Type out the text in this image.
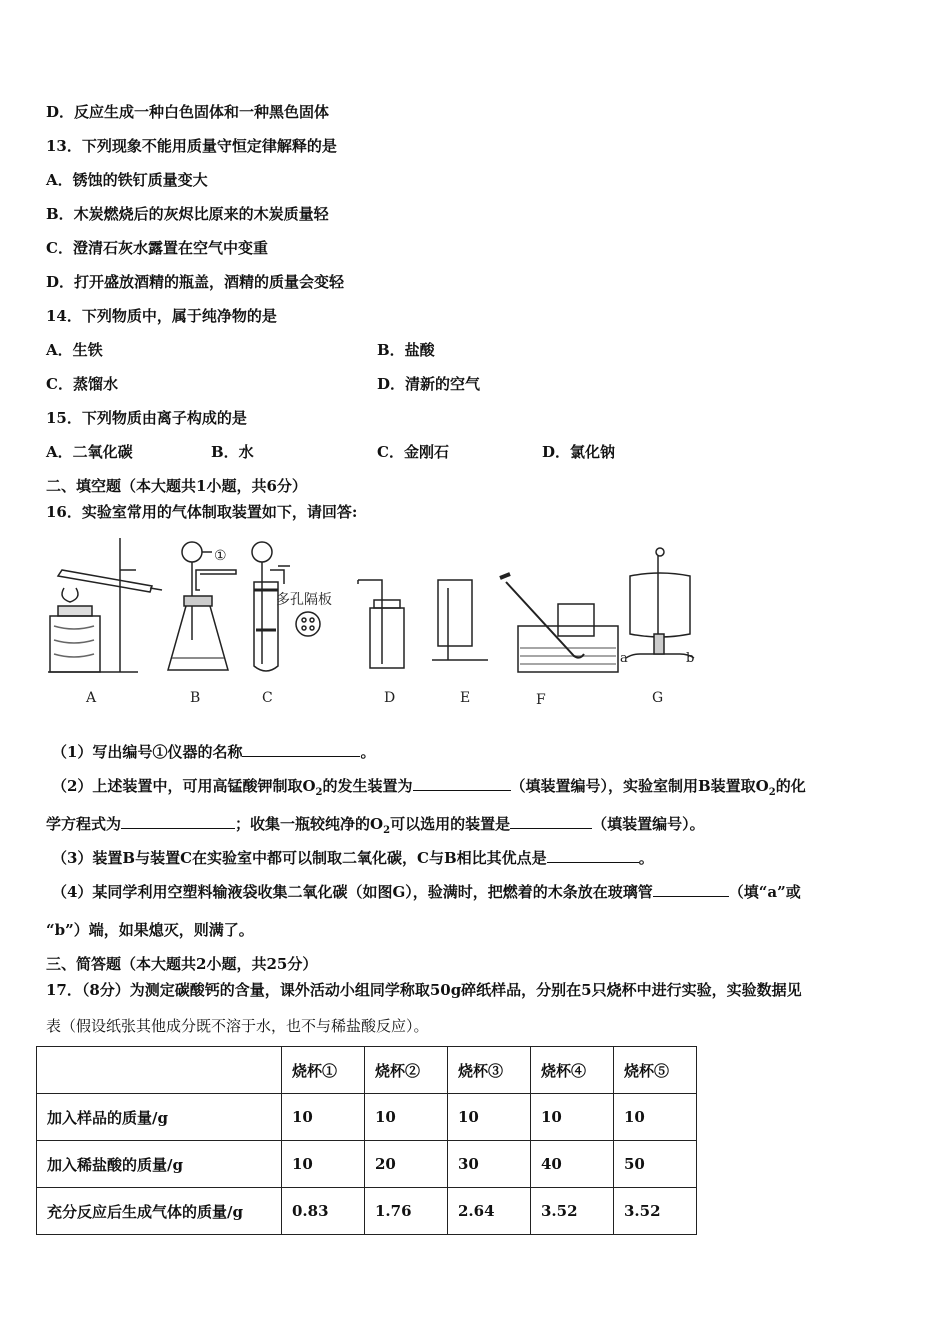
D．反应生成一种白色固体和一种黑色固体
13．下列现象不能用质量守恒定律解释的是
A．锈蚀的铁钉质量变大
B．木炭燃烧后的灰烬比原来的木炭质量轻
C．澄清石灰水露置在空气中变重
D．打开盛放酒精的瓶盖，酒精的质量会变轻
14．下列物质中，属于纯净物的是
A．生铁	B．盐酸
C．蒸馏水	D．清新的空气
15．下列物质由离子构成的是
A．二氧化碳	B．水	C．金刚石	D．氯化钠
二、填空题（本大题共1小题，共6分）
16．实验室常用的气体制取装置如下，请回答:
A	B	C	D	E	F	G
①
多孔隔板
a	b
（1）写出编号①仪器的名称	。
（2）上述装置中，可用高锰酸钾制取$O_2$的发生装置为	（填装置编号），实验室制用B装置取$O_2$的化
学方程式为	；收集一瓶较纯净的$O_2$可以选用的装置是	（填装置编号）。
（3）装置B与装置C在实验室中都可以制取二氧化碳，C与B相比其优点是	。
（4）某同学利用空塑料输液袋收集二氧化碳（如图G），验满时，把燃着的木条放在玻璃管	（填“a”或
“b”）端，如果熄灭，则满了。
三、简答题（本大题共2小题，共25分）
17．（8分）为测定碳酸钙的含量，课外活动小组同学称取50g碎纸样品，分别在5只烧杯中进行实验，实验数据见
表（假设纸张其他成分既不溶于水，也不与稀盐酸反应）。
	烧杯①	烧杯②	烧杯③	烧杯④	烧杯⑤
加入样品的质量/g	10	10	10	10	10
加入稀盐酸的质量/g	10	20	30	40	50
充分反应后生成气体的质量/g	0.83	1.76	2.64	3.52	3.52
